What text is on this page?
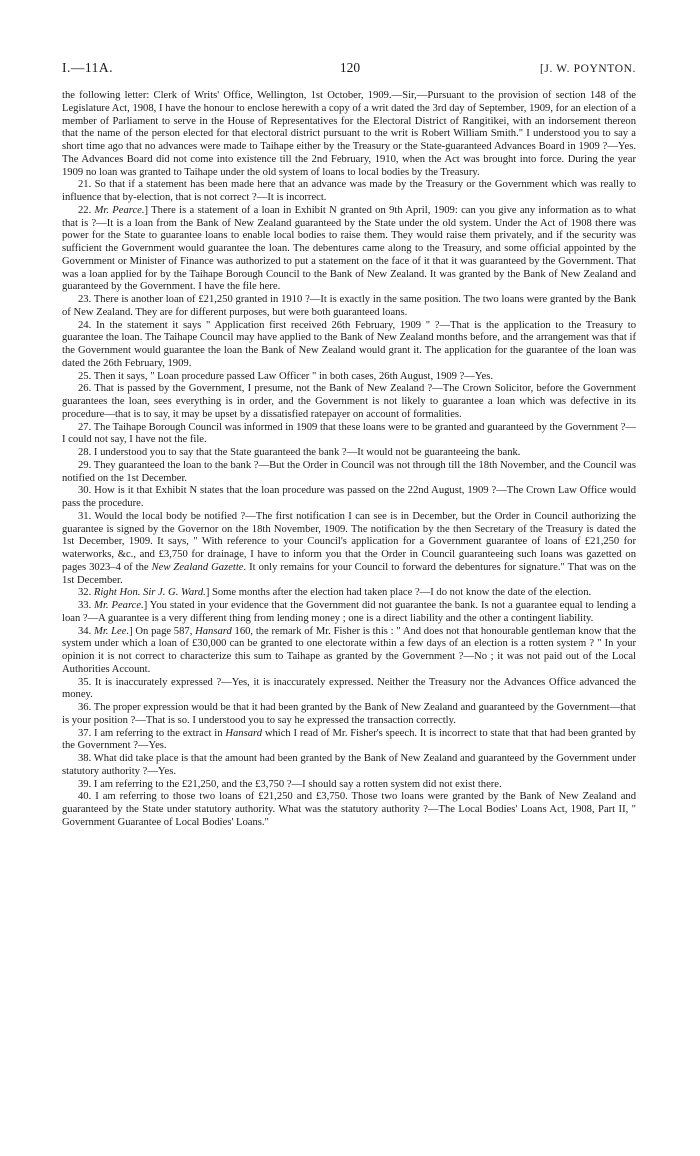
I.—11A.	120	[J. W. POYNTON.

the following letter: Clerk of Writs' Office, Wellington, 1st October, 1909.—Sir,—Pursuant to the provision of section 148 of the Legislature Act, 1908, I have the honour to enclose herewith a copy of a writ dated the 3rd day of September, 1909, for an election of a member of Parliament to serve in the House of Representatives for the Electoral District of Rangitikei, with an indorsement thereon that the name of the person elected for that electoral district pursuant to the writ is Robert William Smith." I understood you to say a short time ago that no advances were made to Taihape either by the Treasury or the State-guaranteed Advances Board in 1909 ?—Yes. The Advances Board did not come into existence till the 2nd February, 1910, when the Act was brought into force. During the year 1909 no loan was granted to Taihape under the old system of loans to local bodies by the Treasury.

21. So that if a statement has been made here that an advance was made by the Treasury or the Government which was really to influence that by-election, that is not correct ?—It is incorrect.

22. Mr. Pearce.] There is a statement of a loan in Exhibit N granted on 9th April, 1909: can you give any information as to what that is ?—It is a loan from the Bank of New Zealand guaranteed by the State under the old system. Under the Act of 1908 there was power for the State to guarantee loans to enable local bodies to raise them. They would raise them privately, and if the security was sufficient the Government would guarantee the loan. The debentures came along to the Treasury, and some official appointed by the Government or Minister of Finance was authorized to put a statement on the face of it that it was guaranteed by the Government. That was a loan applied for by the Taihape Borough Council to the Bank of New Zealand. It was granted by the Bank of New Zealand and guaranteed by the Government. I have the file here.

23. There is another loan of £21,250 granted in 1910 ?—It is exactly in the same position. The two loans were granted by the Bank of New Zealand. They are for different purposes, but were both guaranteed loans.

24. In the statement it says " Application first received 26th February, 1909 " ?—That is the application to the Treasury to guarantee the loan. The Taihape Council may have applied to the Bank of New Zealand months before, and the arrangement was that if the Government would guarantee the loan the Bank of New Zealand would grant it. The application for the guarantee of the loan was dated the 26th February, 1909.

25. Then it says, " Loan procedure passed Law Officer " in both cases, 26th August, 1909 ?—Yes.

26. That is passed by the Government, I presume, not the Bank of New Zealand ?—The Crown Solicitor, before the Government guarantees the loan, sees everything is in order, and the Government is not likely to guarantee a loan which was defective in its procedure—that is to say, it may be upset by a dissatisfied ratepayer on account of formalities.

27. The Taihape Borough Council was informed in 1909 that these loans were to be granted and guaranteed by the Government ?—I could not say, I have not the file.

28. I understood you to say that the State guaranteed the bank ?—It would not be guaranteeing the bank.

29. They guaranteed the loan to the bank ?—But the Order in Council was not through till the 18th November, and the Council was notified on the 1st December.

30. How is it that Exhibit N states that the loan procedure was passed on the 22nd August, 1909 ?—The Crown Law Office would pass the procedure.

31. Would the local body be notified ?—The first notification I can see is in December, but the Order in Council authorizing the guarantee is signed by the Governor on the 18th November, 1909. The notification by the then Secretary of the Treasury is dated the 1st December, 1909. It says, " With reference to your Council's application for a Government guarantee of loans of £21,250 for waterworks, &c., and £3,750 for drainage, I have to inform you that the Order in Council guaranteeing such loans was gazetted on pages 3023–4 of the New Zealand Gazette. It only remains for your Council to forward the debentures for signature." That was on the 1st December.

32. Right Hon. Sir J. G. Ward.] Some months after the election had taken place ?—I do not know the date of the election.

33. Mr. Pearce.] You stated in your evidence that the Government did not guarantee the bank. Is not a guarantee equal to lending a loan ?—A guarantee is a very different thing from lending money ; one is a direct liability and the other a contingent liability.

34. Mr. Lee.] On page 587, Hansard 160, the remark of Mr. Fisher is this : " And does not that honourable gentleman know that the system under which a loan of £30,000 can be granted to one electorate within a few days of an election is a rotten system ? " In your opinion it is not correct to characterize this sum to Taihape as granted by the Government ?—No ; it was not paid out of the Local Authorities Account.

35. It is inaccurately expressed ?—Yes, it is inaccurately expressed. Neither the Treasury nor the Advances Office advanced the money.

36. The proper expression would be that it had been granted by the Bank of New Zealand and guaranteed by the Government—that is your position ?—That is so. I understood you to say he expressed the transaction correctly.

37. I am referring to the extract in Hansard which I read of Mr. Fisher's speech. It is incorrect to state that that had been granted by the Government ?—Yes.

38. What did take place is that the amount had been granted by the Bank of New Zealand and guaranteed by the Government under statutory authority ?—Yes.

39. I am referring to the £21,250, and the £3,750 ?—I should say a rotten system did not exist there.

40. I am referring to those two loans of £21,250 and £3,750. Those two loans were granted by the Bank of New Zealand and guaranteed by the State under statutory authority. What was the statutory authority ?—The Local Bodies' Loans Act, 1908, Part II, " Government Guarantee of Local Bodies' Loans."
